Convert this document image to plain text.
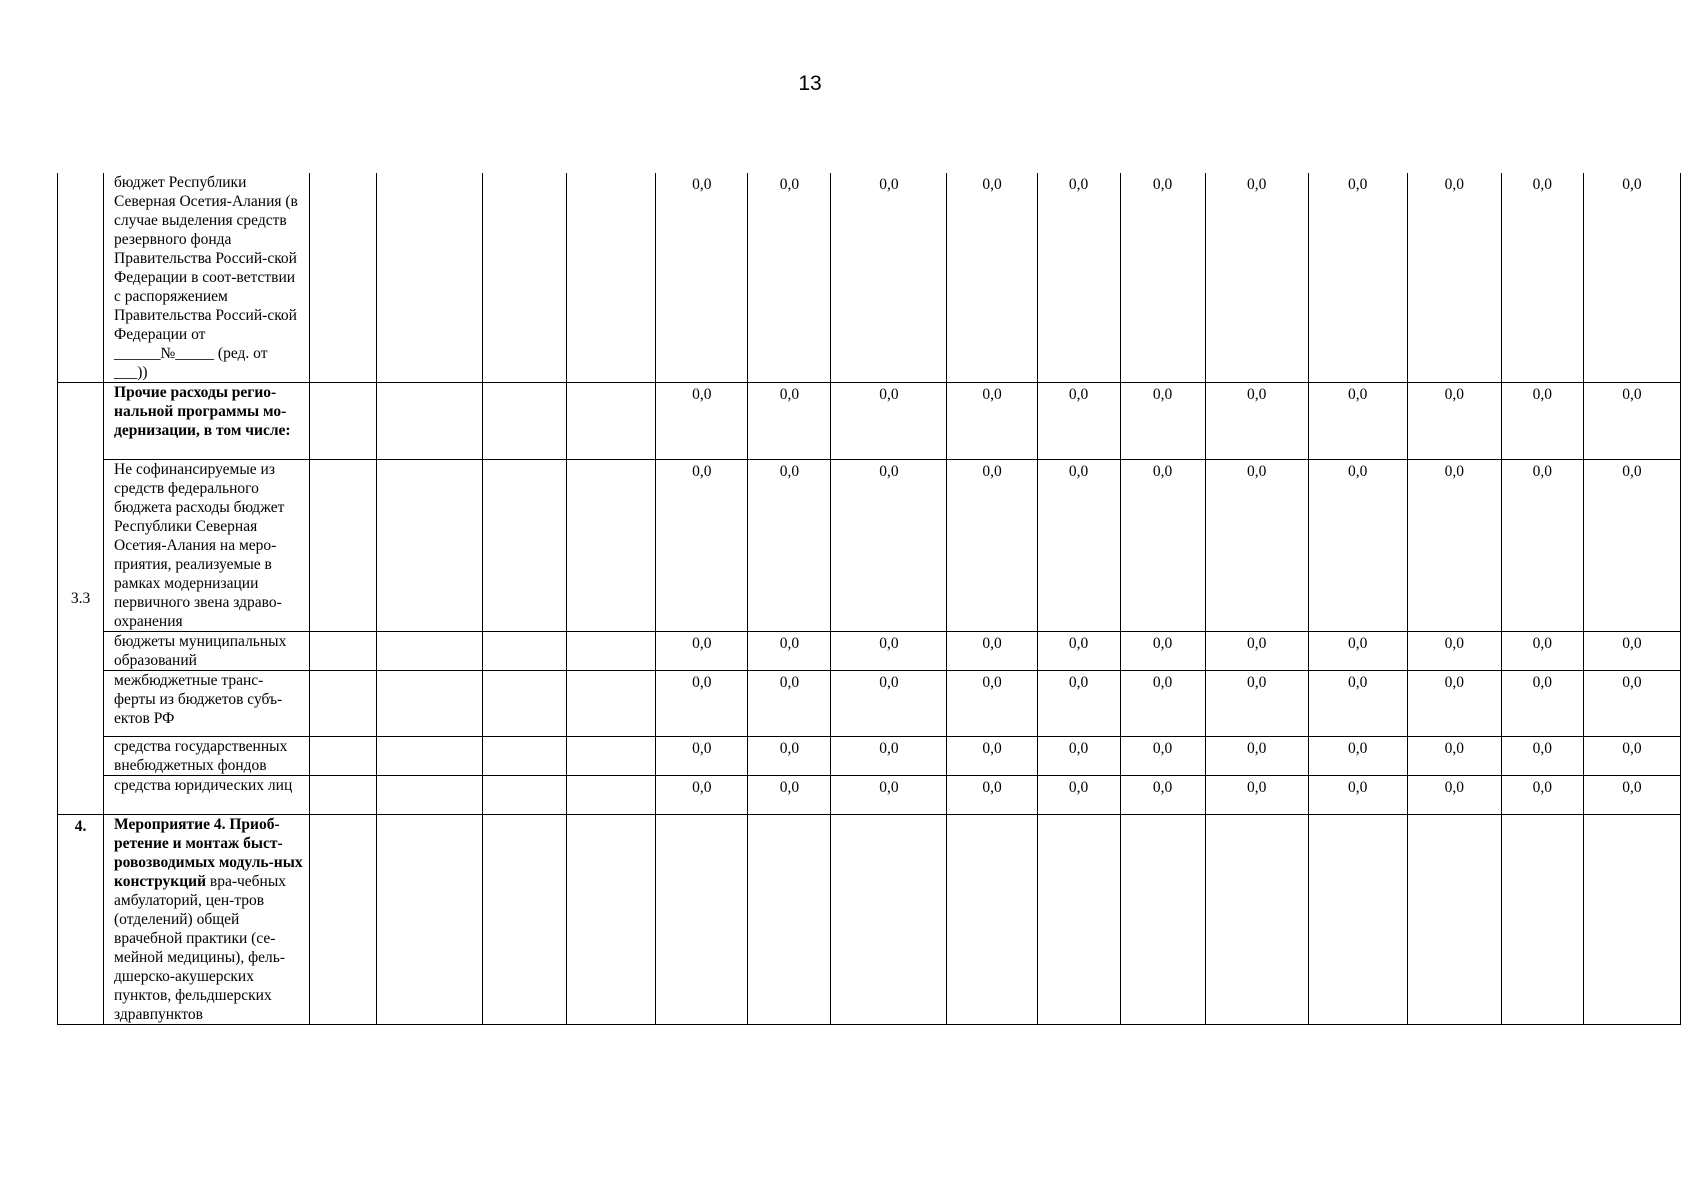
13
	бюджет Республики Северная Осетия-Алания (в случае выделения средств резервного фонда Правительства Россий-ской Федерации в соот-ветствии с распоряжением Правительства Россий-ской Федерации от ______№_____ (ред. от ___))					0,0	0,0	0,0	0,0	0,0	0,0	0,0	0,0	0,0	0,0	0,0
3.3	Прочие расходы регио-нальной программы мо-дернизации, в том числе:					0,0	0,0	0,0	0,0	0,0	0,0	0,0	0,0	0,0	0,0	0,0
	Не софинансируемые из средств федерального бюджета расходы бюджет Республики Северная Осетия-Алания на меро-приятия, реализуемые в рамках модернизации первичного звена здраво-охранения					0,0	0,0	0,0	0,0	0,0	0,0	0,0	0,0	0,0	0,0	0,0
	бюджеты муниципальных образований					0,0	0,0	0,0	0,0	0,0	0,0	0,0	0,0	0,0	0,0	0,0
	межбюджетные транс-ферты из бюджетов субъ-ектов РФ					0,0	0,0	0,0	0,0	0,0	0,0	0,0	0,0	0,0	0,0	0,0
	средства государственных внебюджетных фондов					0,0	0,0	0,0	0,0	0,0	0,0	0,0	0,0	0,0	0,0	0,0
	средства юридических лиц					0,0	0,0	0,0	0,0	0,0	0,0	0,0	0,0	0,0	0,0	0,0
4.	Мероприятие 4. Приоб-ретение и монтаж быст-ровозводимых модуль-ных конструкций вра-чебных амбулаторий, цен-тров (отделений) общей врачебной практики (се-мейной медицины), фель-дшерско-акушерских пунктов, фельдшерских здравпунктов															
